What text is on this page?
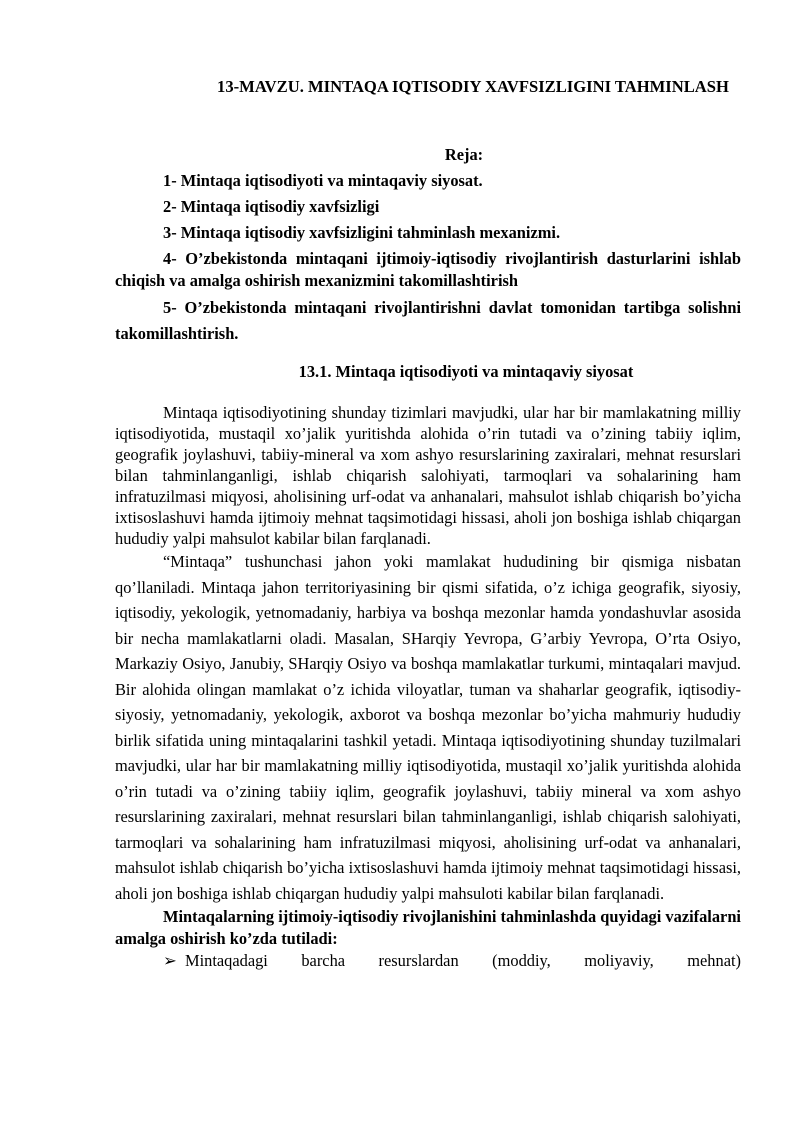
13-MAVZU. MINTAQA IQTISODIY XAVFSIZLIGINI TAHMINLASH
Reja:
1- Mintaqa iqtisodiyoti va mintaqaviy siyosat.
2- Mintaqa iqtisodiy xavfsizligi
3- Mintaqa iqtisodiy xavfsizligini tahminlash mexanizmi.
4- O’zbekistonda mintaqani ijtimoiy-iqtisodiy rivojlantirish dasturlarini ishlab chiqish va amalga oshirish mexanizmini takomillashtirish
5- O’zbekistonda mintaqani rivojlantirishni davlat tomonidan tartibga solishni takomillashtirish.
13.1. Mintaqa iqtisodiyoti va mintaqaviy siyosat

Mintaqa iqtisodiyotining shunday tizimlari mavjudki, ular har bir mamlakatning milliy iqtisodiyotida, mustaqil xo’jalik yuritishda alohida o’rin tutadi va o’zining tabiiy iqlim, geografik joylashuvi, tabiiy-mineral va xom ashyo resurslarining zaxiralari, mehnat resurslari bilan tahminlanganligi, ishlab chiqarish salohiyati, tarmoqlari va sohalarining ham infratuzilmasi miqyosi, aholisining urf-odat va anhanalari, mahsulot ishlab chiqarish bo’yicha ixtisoslashuvi hamda ijtimoiy mehnat taqsimotidagi hissasi, aholi jon boshiga ishlab chiqargan hududiy yalpi mahsulot kabilar bilan farqlanadi.

“Mintaqa” tushunchasi jahon yoki mamlakat hududining bir qismiga nisbatan qo’llaniladi. Mintaqa jahon territoriyasining bir qismi sifatida, o’z ichiga geografik, siyosiy, iqtisodiy, yekologik, yetnomadaniy, harbiya va boshqa mezonlar hamda yondashuvlar asosida bir necha mamlakatlarni oladi. Masalan, SHarqiy Yevropa, G’arbiy Yevropa, O’rta Osiyo, Markaziy Osiyo, Janubiy, SHarqiy Osiyo va boshqa mamlakatlar turkumi, mintaqalari mavjud. Bir alohida olingan mamlakat o’z ichida viloyatlar, tuman va shaharlar geografik, iqtisodiy-siyosiy, yetnomadaniy, yekologik, axborot va boshqa mezonlar bo’yicha mahmuriy hududiy birlik sifatida uning mintaqalarini tashkil yetadi. Mintaqa iqtisodiyotining shunday tuzilmalari mavjudki, ular har bir mamlakatning milliy iqtisodiyotida, mustaqil xo’jalik yuritishda alohida o’rin tutadi va o’zining tabiiy iqlim, geografik joylashuvi, tabiiy mineral va xom ashyo resurslarining zaxiralari, mehnat resurslari bilan tahminlanganligi, ishlab chiqarish salohiyati, tarmoqlari va sohalarining ham infratuzilmasi miqyosi, aholisining urf-odat va anhanalari, mahsulot ishlab chiqarish bo’yicha ixtisoslashuvi hamda ijtimoiy mehnat taqsimotidagi hissasi, aholi jon boshiga ishlab chiqargan hududiy yalpi mahsuloti kabilar bilan farqlanadi.

Mintaqalarning ijtimoiy-iqtisodiy rivojlanishini tahminlashda quyidagi vazifalarni amalga oshirish ko’zda tutiladi:

➢ Mintaqadagi barcha resurslardan (moddiy, moliyaviy, mehnat)
